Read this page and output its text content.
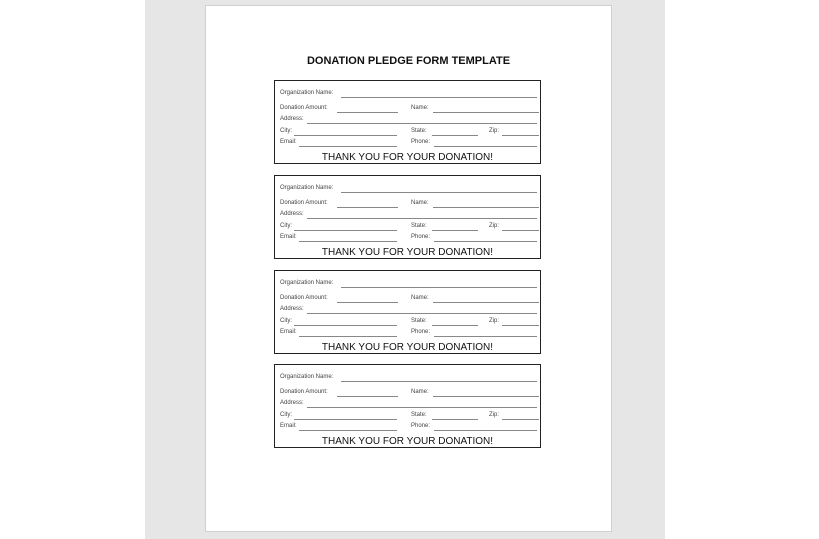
DONATION PLEDGE FORM TEMPLATE
Organization Name:
Donation Amount:	Name:
Address:
City:	State:	Zip:
Email:	Phone:
THANK YOU FOR YOUR DONATION!
Organization Name:
Donation Amount:	Name:
Address:
City:	State:	Zip:
Email:	Phone:
THANK YOU FOR YOUR DONATION!
Organization Name:
Donation Amount:	Name:
Address:
City:	State:	Zip:
Email:	Phone:
THANK YOU FOR YOUR DONATION!
Organization Name:
Donation Amount:	Name:
Address:
City:	State:	Zip:
Email:	Phone:
THANK YOU FOR YOUR DONATION!
